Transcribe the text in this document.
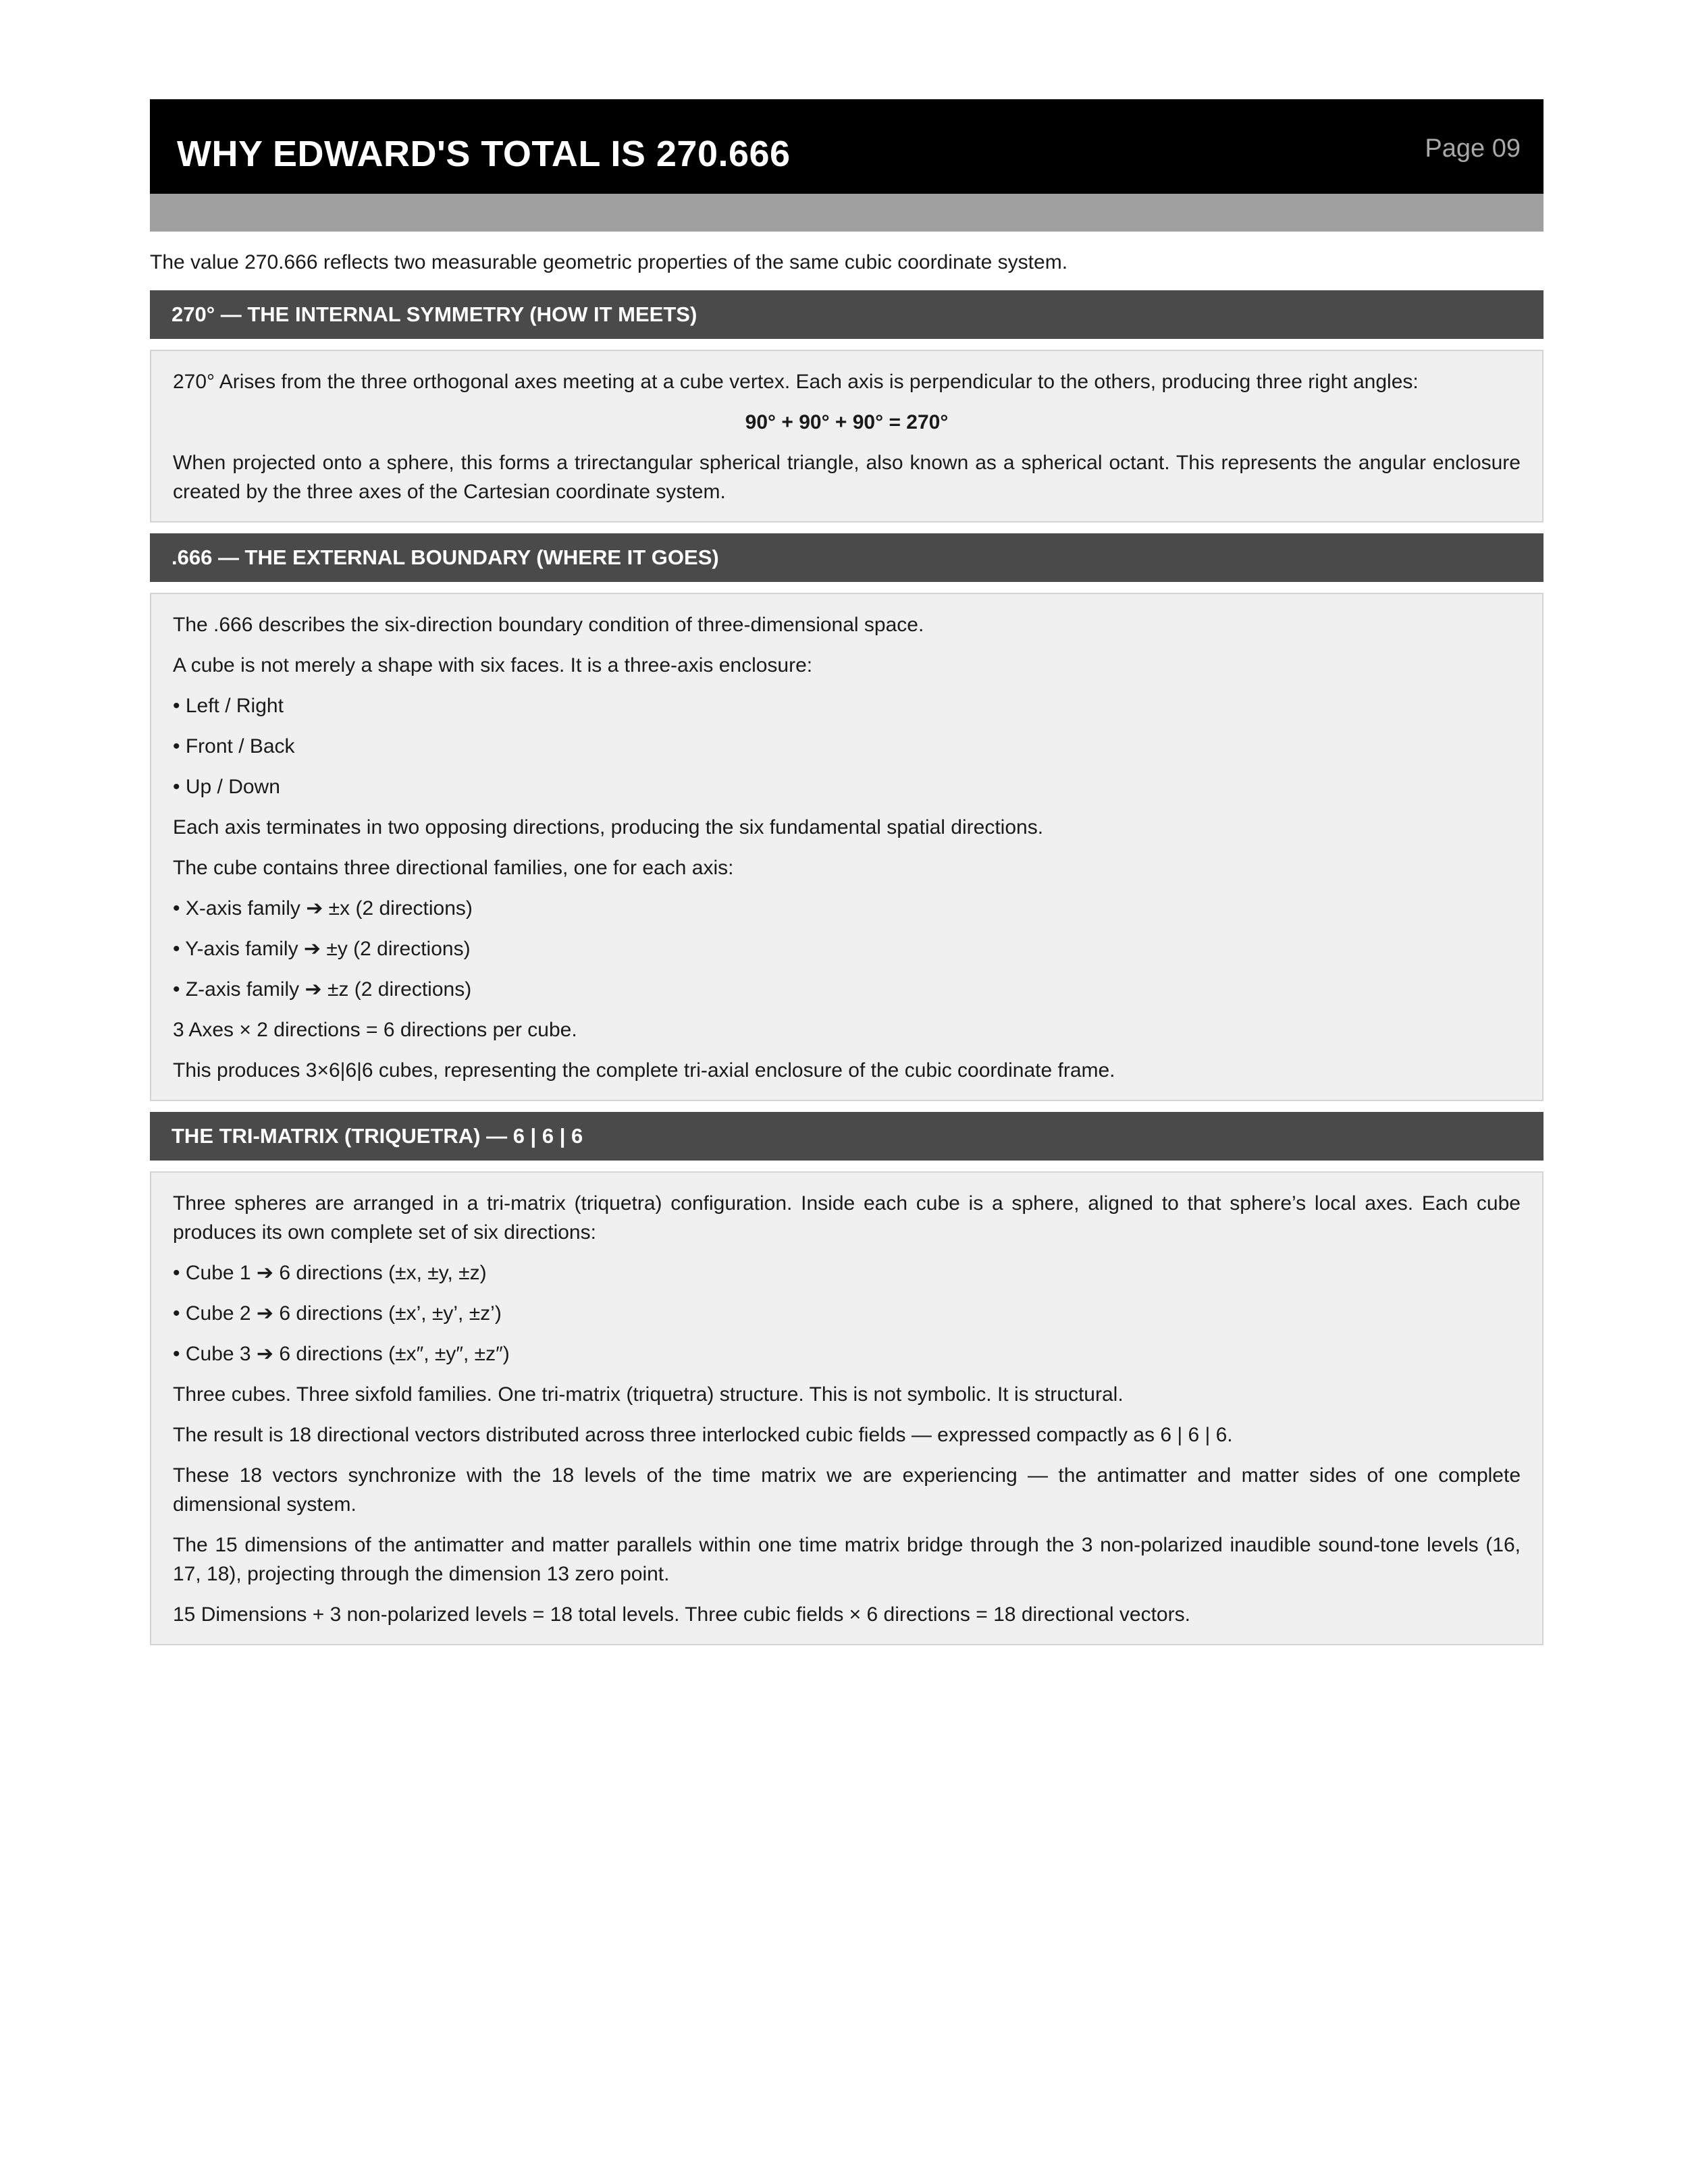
WHY EDWARD'S TOTAL IS 270.666	Page 09
The value 270.666 reflects two measurable geometric properties of the same cubic coordinate system.
270° — THE INTERNAL SYMMETRY (HOW IT MEETS)

270° Arises from the three orthogonal axes meeting at a cube vertex. Each axis is perpendicular to the others, producing three right angles:

90° + 90° + 90° = 270°

When projected onto a sphere, this forms a trirectangular spherical triangle, also known as a spherical octant. This represents the angular enclosure created by the three axes of the Cartesian coordinate system.

.666 — THE EXTERNAL BOUNDARY (WHERE IT GOES)

The .666 describes the six-direction boundary condition of three-dimensional space.

A cube is not merely a shape with six faces. It is a three-axis enclosure:

• Left / Right

• Front / Back

• Up / Down

Each axis terminates in two opposing directions, producing the six fundamental spatial directions.

The cube contains three directional families, one for each axis:

• X-axis family ➔ ±x (2 directions)

• Y-axis family ➔ ±y (2 directions)

• Z-axis family ➔ ±z (2 directions)

3 Axes × 2 directions = 6 directions per cube.

This produces 3×6|6|6 cubes, representing the complete tri-axial enclosure of the cubic coordinate frame.

THE TRI-MATRIX (TRIQUETRA) — 6 | 6 | 6

Three spheres are arranged in a tri-matrix (triquetra) configuration. Inside each cube is a sphere, aligned to that sphere’s local axes. Each cube produces its own complete set of six directions:

• Cube 1 ➔ 6 directions (±x, ±y, ±z)

• Cube 2 ➔ 6 directions (±x’, ±y’, ±z’)

• Cube 3 ➔ 6 directions (±x″, ±y″, ±z″)

Three cubes. Three sixfold families. One tri-matrix (triquetra) structure. This is not symbolic. It is structural.

The result is 18 directional vectors distributed across three interlocked cubic fields — expressed compactly as 6 | 6 | 6.

These 18 vectors synchronize with the 18 levels of the time matrix we are experiencing — the antimatter and matter sides of one complete dimensional system.

The 15 dimensions of the antimatter and matter parallels within one time matrix bridge through the 3 non-polarized inaudible sound-tone levels (16, 17, 18), projecting through the dimension 13 zero point.

15 Dimensions + 3 non-polarized levels = 18 total levels. Three cubic fields × 6 directions = 18 directional vectors.
